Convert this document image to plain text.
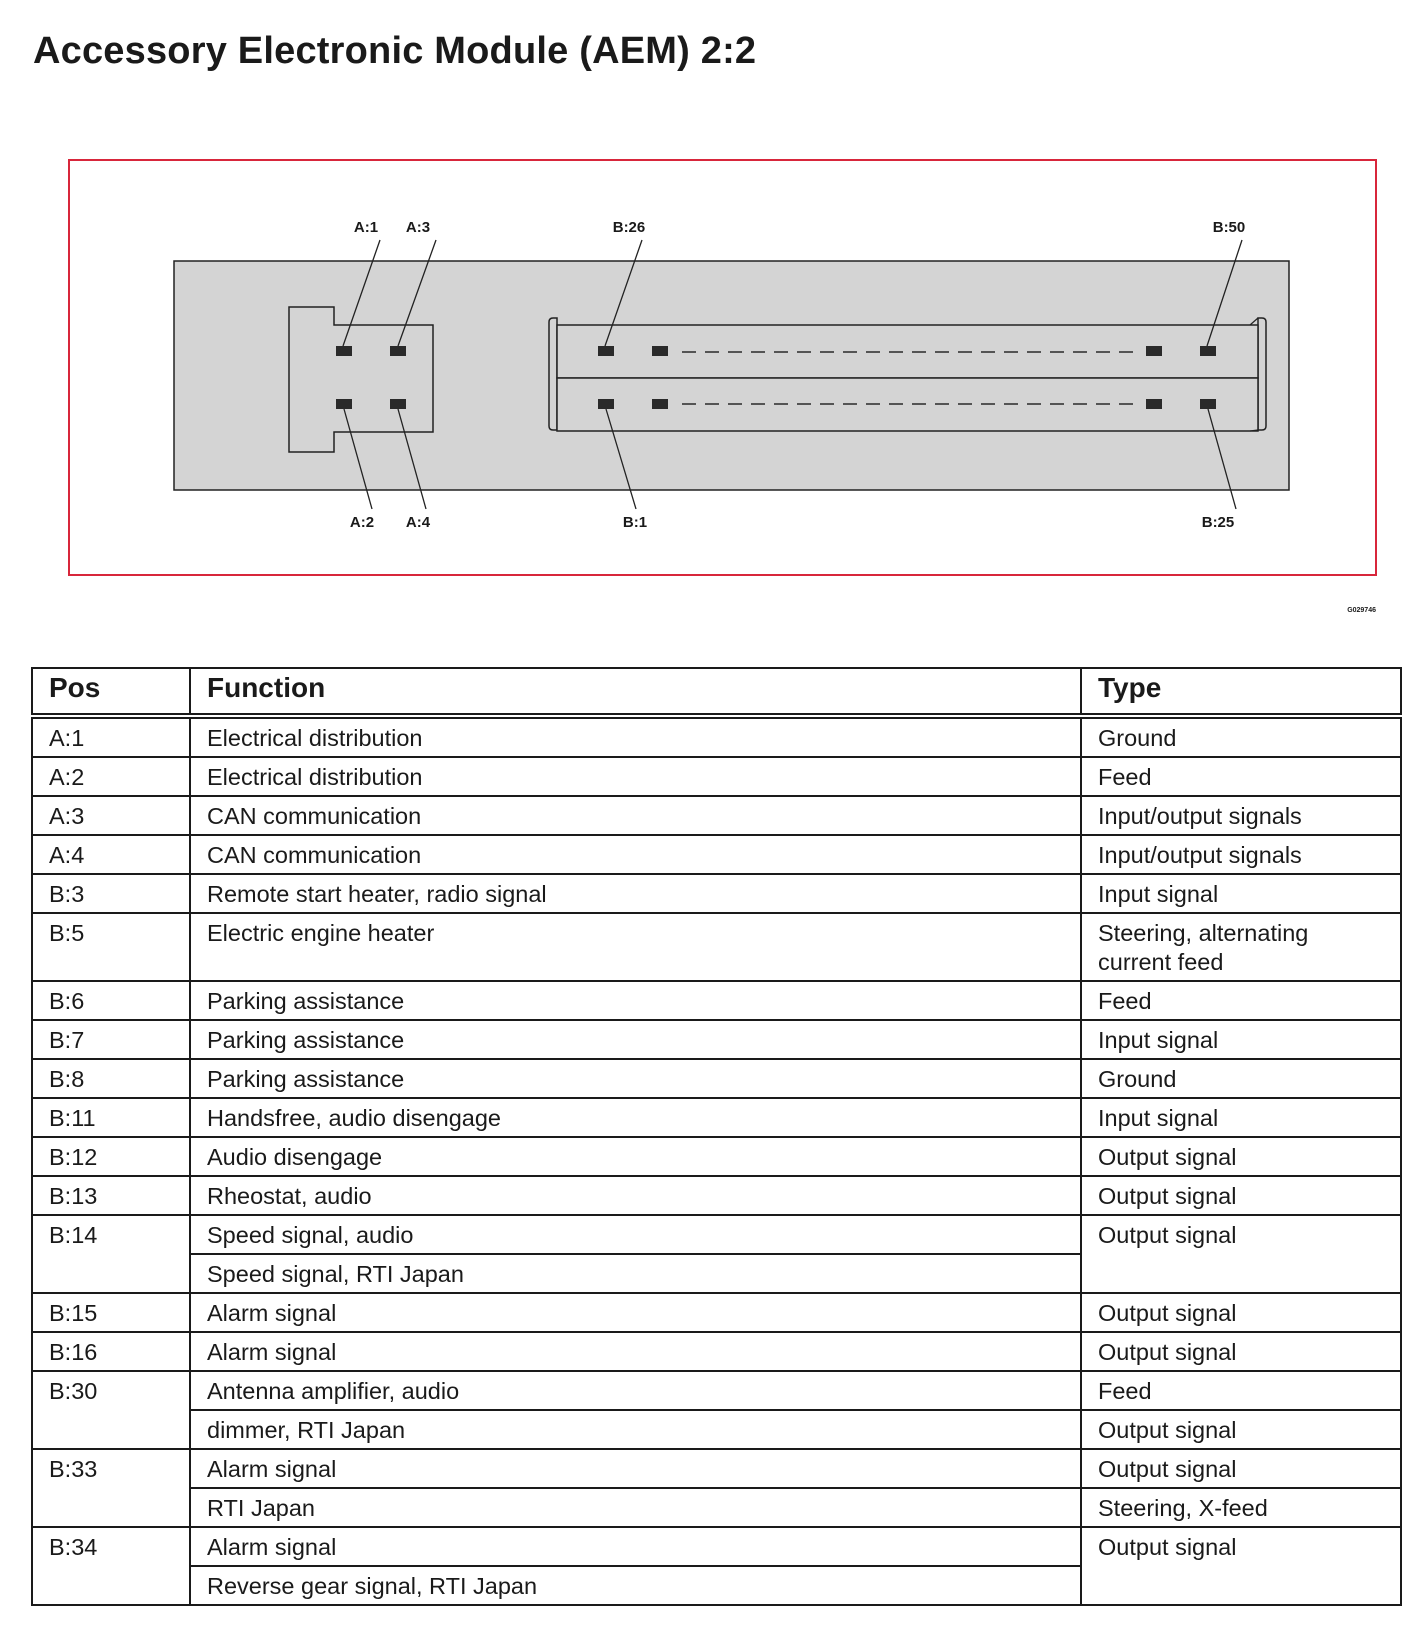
Accessory Electronic Module (AEM) 2:2
A:1 A:3	B:26	B:50
A:2 A:4	B:1	B:25
G029746
Pos	Function	Type
A:1	Electrical distribution	Ground
A:2	Electrical distribution	Feed
A:3	CAN communication	Input/output signals
A:4	CAN communication	Input/output signals
B:3	Remote start heater, radio signal	Input signal
B:5	Electric engine heater	Steering, alternating current feed
B:6	Parking assistance	Feed
B:7	Parking assistance	Input signal
B:8	Parking assistance	Ground
B:11	Handsfree, audio disengage	Input signal
B:12	Audio disengage	Output signal
B:13	Rheostat, audio	Output signal
B:14	Speed signal, audio	Output signal
	Speed signal, RTI Japan	
B:15	Alarm signal	Output signal
B:16	Alarm signal	Output signal
B:30	Antenna amplifier, audio	Feed
	dimmer, RTI Japan	Output signal
B:33	Alarm signal	Output signal
	RTI Japan	Steering, X-feed
B:34	Alarm signal	Output signal
	Reverse gear signal, RTI Japan	
